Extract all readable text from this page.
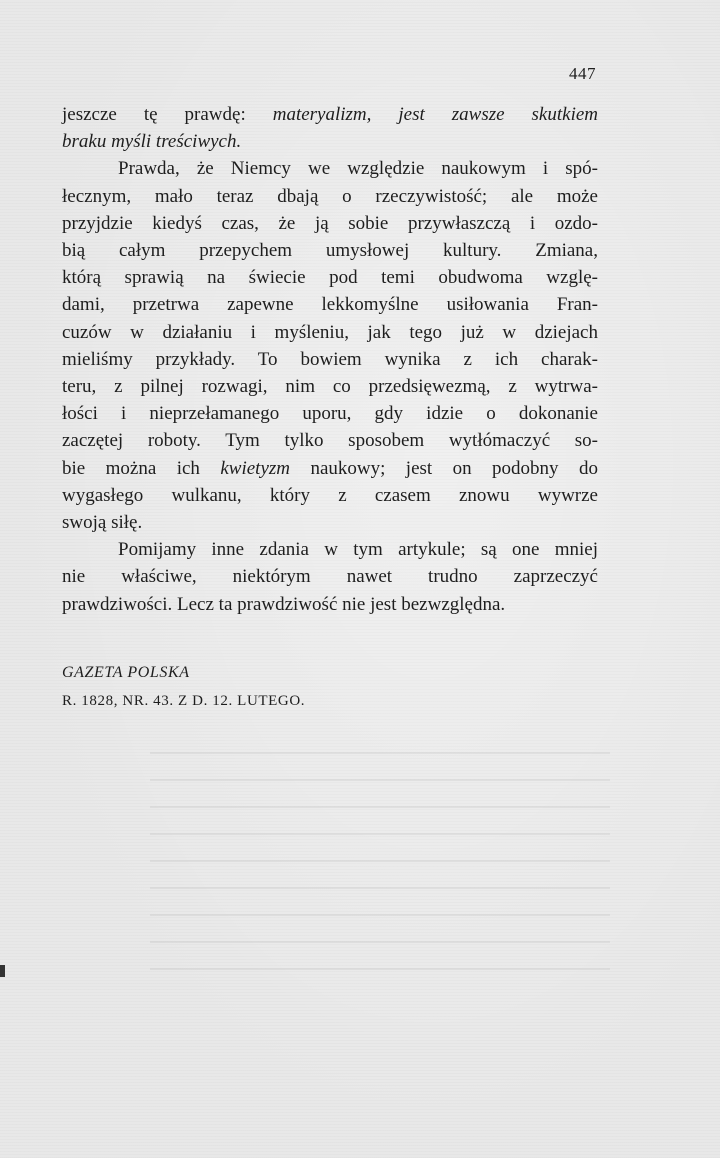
447
jeszcze tę prawdę: materyalizm, jest zawsze skutkiem
braku myśli treściwych.
Prawda, że Niemcy we względzie naukowym i spó-
łecznym, mało teraz dbają o rzeczywistość; ale może
przyjdzie kiedyś czas, że ją sobie przywłaszczą i ozdo-
bią całym przepychem umysłowej kultury. Zmiana,
którą sprawią na świecie pod temi obudwoma wzglę-
dami, przetrwa zapewne lekkomyślne usiłowania Fran-
cuzów w działaniu i myśleniu, jak tego już w dziejach
mieliśmy przykłady. To bowiem wynika z ich charak-
teru, z pilnej rozwagi, nim co przedsięwezmą, z wytrwa-
łości i nieprzełamanego uporu, gdy idzie o dokonanie
zaczętej roboty. Tym tylko sposobem wytłómaczyć so-
bie można ich kwietyzm naukowy; jest on podobny do
wygasłego wulkanu, który z czasem znowu wywrze
swoją siłę.
Pomijamy inne zdania w tym artykule; są one mniej
nie właściwe, niektórym nawet trudno zaprzeczyć
prawdziwości. Lecz ta prawdziwość nie jest bezwzględna.
GAZETA POLSKA
R. 1828, NR. 43. Z D. 12. LUTEGO.
